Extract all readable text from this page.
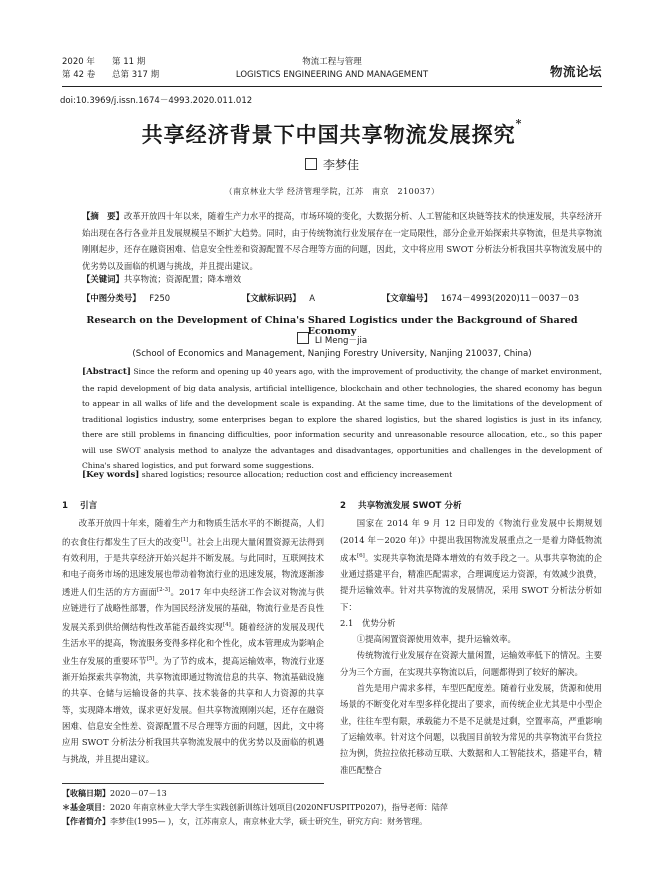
2020 年 第 11 期
第 42 卷 总第 317 期
物流工程与管理
LOGISTICS ENGINEERING AND MANAGEMENT	物流论坛
doi:10.3969/j.issn.1674－4993.2020.011.012
共享经济背景下中国共享物流发展探究*
李梦佳
（南京林业大学 经济管理学院，江苏　南京　210037）
【摘　要】改革开放四十年以来，随着生产力水平的提高，市场环境的变化，大数据分析、人工智能和区块链等技术的快速发展，共享经济开始出现在各行各业并且发展规模呈不断扩大趋势。同时，由于传统物流行业发展存在一定局限性，部分企业开始探索共享物流，但是共享物流刚刚起步，还存在融资困难、信息安全性差和资源配置不尽合理等方面的问题，因此，文中将应用 SWOT 分析法分析我国共享物流发展中的优劣势以及面临的机遇与挑战，并且提出建议。
【关键词】共享物流；资源配置；降本增效
【中图分类号】 F250	【文献标识码】 A	【文章编号】 1674－4993(2020)11－0037－03
Research on the Development of China's Shared Logistics under the Background of Shared Economy
LI Meng－jia
(School of Economics and Management, Nanjing Forestry University, Nanjing 210037, China)
[Abstract] Since the reform and opening up 40 years ago, with the improvement of productivity, the change of market environment, the rapid development of big data analysis, artificial intelligence, blockchain and other technologies, the shared economy has begun to appear in all walks of life and the development scale is expanding. At the same time, due to the limitations of the development of traditional logistics industry, some enterprises began to explore the shared logistics, but the shared logistics is just in its infancy, there are still problems in financing difficulties, poor information security and unreasonable resource allocation, etc., so this paper will use SWOT analysis method to analyze the advantages and disadvantages, opportunities and challenges in the development of China's shared logistics, and put forward some suggestions.
[Key words] shared logistics; resource allocation; reduction cost and efficiency increasement
1 引言

改革开放四十年来，随着生产力和物质生活水平的不断提高，人们的衣食住行都发生了巨大的改变[1]。社会上出现大量闲置资源无法得到有效利用，于是共享经济开始兴起并不断发展。与此同时，互联网技术和电子商务市场的迅速发展也带动着物流行业的迅速发展，物流逐渐渗透进人们生活的方方面面[2-3]。2017 年中央经济工作会议对物流与供应链进行了战略性部署，作为国民经济发展的基础，物流行业是否良性发展关系到供给侧结构性改革能否最终实现[4]。随着经济的发展及现代生活水平的提高，物流服务变得多样化和个性化，成本管理成为影响企业生存发展的重要环节[5]。为了节约成本，提高运输效率，物流行业逐渐开始探索共享物流，共享物流即通过物流信息的共享、物流基础设施的共享、仓储与运输设备的共享、技术装备的共享和人力资源的共享等，实现降本增效，谋求更好发展。但共享物流刚刚兴起，还存在融资困难、信息安全性差、资源配置不尽合理等方面的问题，因此，文中将应用 SWOT 分析法分析我国共享物流发展中的优劣势以及面临的机遇与挑战，并且提出建议。

2 共享物流发展 SWOT 分析

国家在 2014 年 9 月 12 日印发的《物流行业发展中长期规划(2014 年－2020 年)》中提出我国物流发展重点之一是着力降低物流成本[6]。实现共享物流是降本增效的有效手段之一。从事共享物流的企业通过搭建平台，精准匹配需求，合理调度运力资源，有效减少浪费，提升运输效率。针对共享物流的发展情况，采用 SWOT 分析法分析如下：

2.1 优势分析

①提高闲置资源使用效率，提升运输效率。

传统物流行业发展存在资源大量闲置，运输效率低下的情况。主要分为三个方面，在实现共享物流以后，问题都得到了较好的解决。

首先是用户需求多样，车型匹配度差。随着行业发展，货源和使用场景的不断变化对车型多样化提出了要求，而传统企业尤其是中小型企业，往往车型有限，承载能力不是不足就是过剩，空置率高，严重影响了运输效率。针对这个问题，以我国目前较为常见的共享物流平台货拉拉为例，货拉拉依托移动互联、大数据和人工智能技术，搭建平台，精准匹配整合

【收稿日期】2020－07－13
＊基金项目：2020 年南京林业大学大学生实践创新训练计划项目(2020NFUSPITP0207)，指导老师：陆萍
【作者简介】李梦佳(1995— )，女，江苏南京人，南京林业大学，硕士研究生，研究方向：财务管理。
